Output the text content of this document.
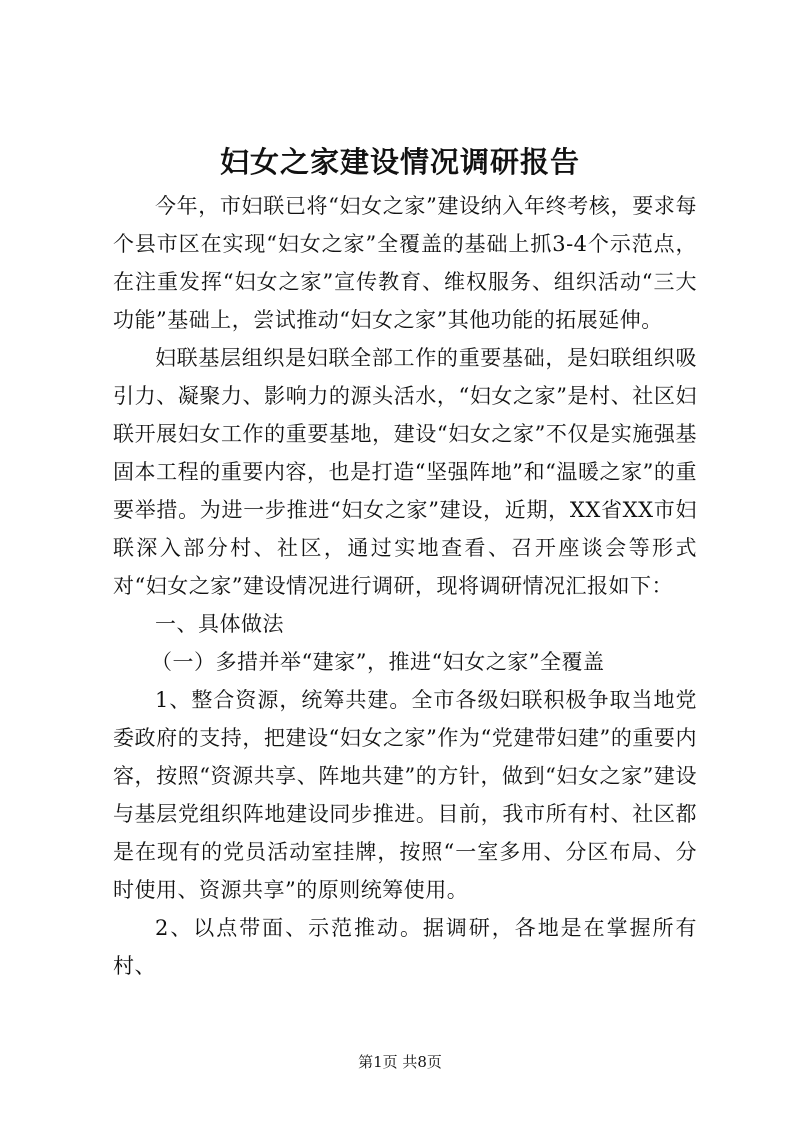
妇女之家建设情况调研报告

今年，市妇联已将“妇女之家”建设纳入年终考核，要求每个县市区在实现“妇女之家”全覆盖的基础上抓3-4个示范点，在注重发挥“妇女之家”宣传教育、维权服务、组织活动“三大功能”基础上，尝试推动“妇女之家”其他功能的拓展延伸。

妇联基层组织是妇联全部工作的重要基础，是妇联组织吸引力、凝聚力、影响力的源头活水，“妇女之家”是村、社区妇联开展妇女工作的重要基地，建设“妇女之家”不仅是实施强基固本工程的重要内容，也是打造“坚强阵地”和“温暖之家”的重要举措。为进一步推进“妇女之家”建设，近期，XX省XX市妇联深入部分村、社区，通过实地查看、召开座谈会等形式对“妇女之家”建设情况进行调研，现将调研情况汇报如下：

一、具体做法

（一）多措并举“建家”，推进“妇女之家”全覆盖

1、整合资源，统筹共建。全市各级妇联积极争取当地党委政府的支持，把建设“妇女之家”作为“党建带妇建”的重要内容，按照“资源共享、阵地共建”的方针，做到“妇女之家”建设与基层党组织阵地建设同步推进。目前，我市所有村、社区都是在现有的党员活动室挂牌，按照“一室多用、分区布局、分时使用、资源共享”的原则统筹使用。

2、以点带面、示范推动。据调研，各地是在掌握所有村、

第1页 共8页
